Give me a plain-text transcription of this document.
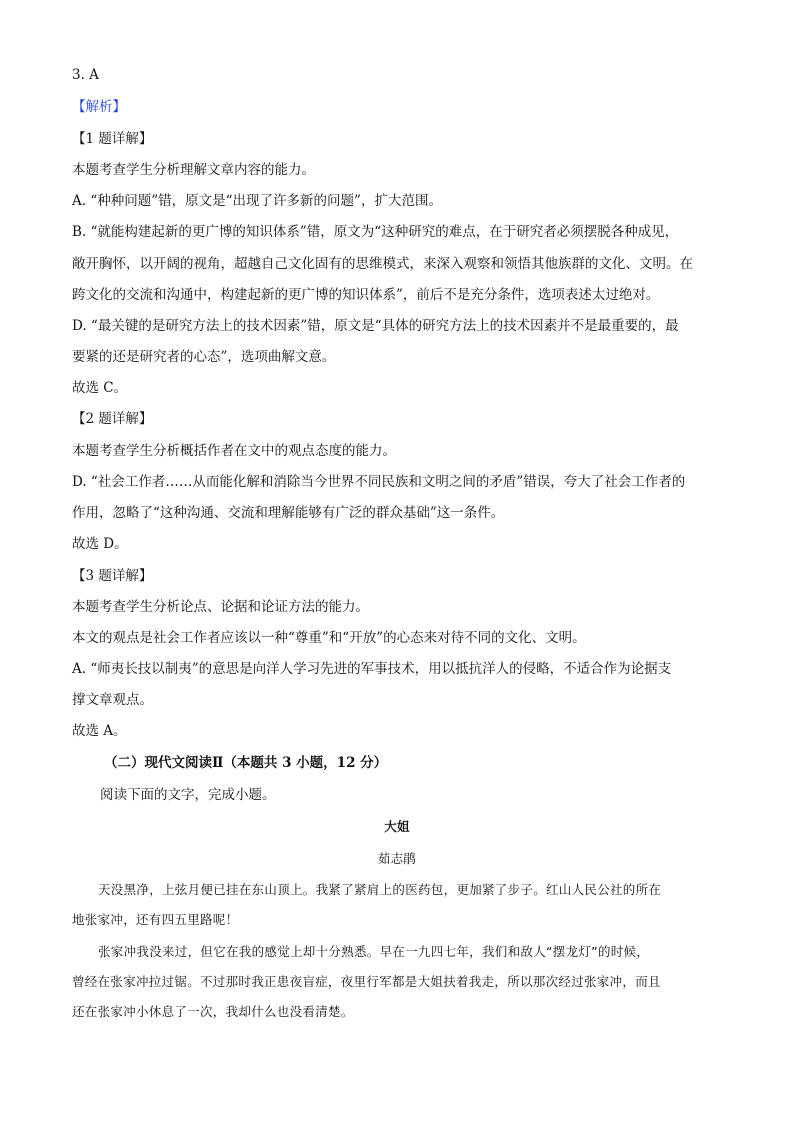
3. A
【解析】
【1 题详解】
本题考查学生分析理解文章内容的能力。
A. “种种问题”错，原文是“出现了许多新的问题”，扩大范围。
B. “就能构建起新的更广博的知识体系”错，原文为“这种研究的难点，在于研究者必须摆脱各种成见，
敞开胸怀，以开阔的视角，超越自己文化固有的思维模式，来深入观察和领悟其他族群的文化、文明。在
跨文化的交流和沟通中，构建起新的更广博的知识体系”，前后不是充分条件，选项表述太过绝对。
D. “最关键的是研究方法上的技术因素”错，原文是“具体的研究方法上的技术因素并不是最重要的，最
要紧的还是研究者的心态”，选项曲解文意。
故选 C。
【2 题详解】
本题考查学生分析概括作者在文中的观点态度的能力。
D. “社会工作者……从而能化解和消除当今世界不同民族和文明之间的矛盾”错误，夸大了社会工作者的
作用，忽略了“这种沟通、交流和理解能够有广泛的群众基础”这一条件。
故选 D。
【3 题详解】
本题考查学生分析论点、论据和论证方法的能力。
本文的观点是社会工作者应该以一种“尊重”和“开放”的心态来对待不同的文化、文明。
A. “师夷长技以制夷”的意思是向洋人学习先进的军事技术，用以抵抗洋人的侵略，不适合作为论据支
撑文章观点。
故选 A。
（二）现代文阅读Ⅱ（本题共 3 小题，12 分）
阅读下面的文字，完成小题。
大姐
茹志鹃
天没黑净，上弦月便已挂在东山顶上。我紧了紧肩上的医药包，更加紧了步子。红山人民公社的所在
地张家冲，还有四五里路呢！
张家冲我没来过，但它在我的感觉上却十分熟悉。早在一九四七年，我们和敌人“摆龙灯”的时候，
曾经在张家冲拉过锯。不过那时我正患夜盲症，夜里行军都是大姐扶着我走，所以那次经过张家冲，而且
还在张家冲小休息了一次，我却什么也没看清楚。
